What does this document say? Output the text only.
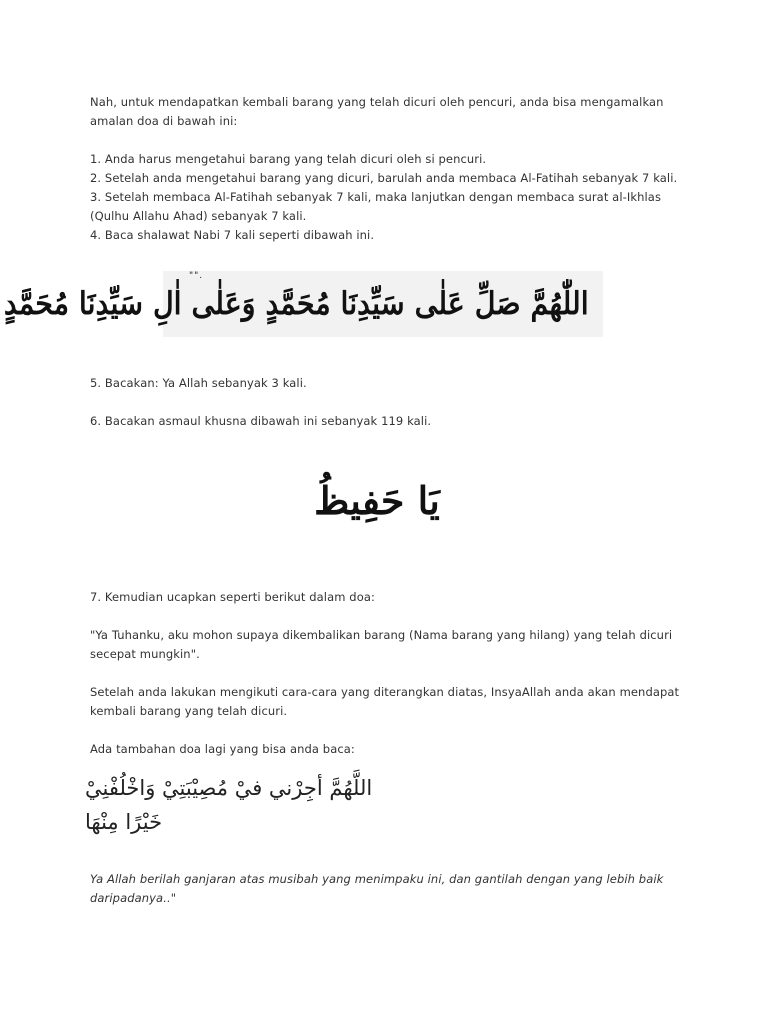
Nah, untuk mendapatkan kembali barang yang telah dicuri oleh pencuri, anda bisa mengamalkan amalan doa di bawah ini:

1. Anda harus mengetahui barang yang telah dicuri oleh si pencuri.

2. Setelah anda mengetahui barang yang dicuri, barulah anda membaca Al-Fatihah sebanyak 7 kali.

3. Setelah membaca Al-Fatihah sebanyak 7 kali, maka lanjutkan dengan membaca surat al-Ikhlas (Qulhu Allahu Ahad) sebanyak 7 kali.

4. Baca shalawat Nabi 7 kali seperti dibawah ini.

"".
اللّٰهُمَّ صَلِّ عَلٰى سَيِّدِنَا مُحَمَّدٍ وَعَلٰى اٰلِ سَيِّدِنَا مُحَمَّدٍ

5. Bacakan: Ya Allah sebanyak 3 kali.

6. Bacakan asmaul khusna dibawah ini sebanyak 119 kali.

يَا حَفِيظُ

7. Kemudian ucapkan seperti berikut dalam doa:

"Ya Tuhanku, aku mohon supaya dikembalikan barang (Nama barang yang hilang) yang telah dicuri secepat mungkin".

Setelah anda lakukan mengikuti cara-cara yang diterangkan diatas, InsyaAllah anda akan mendapat kembali barang yang telah dicuri.

Ada tambahan doa lagi yang bisa anda baca:

اللَّهُمَّ أجِرْني فيْ مُصِيْبَتِيْ وَاخْلُفْنِيْ خَيْرًا مِنْهَا

Ya Allah berilah ganjaran atas musibah yang menimpaku ini, dan gantilah dengan yang lebih baik daripadanya.."
